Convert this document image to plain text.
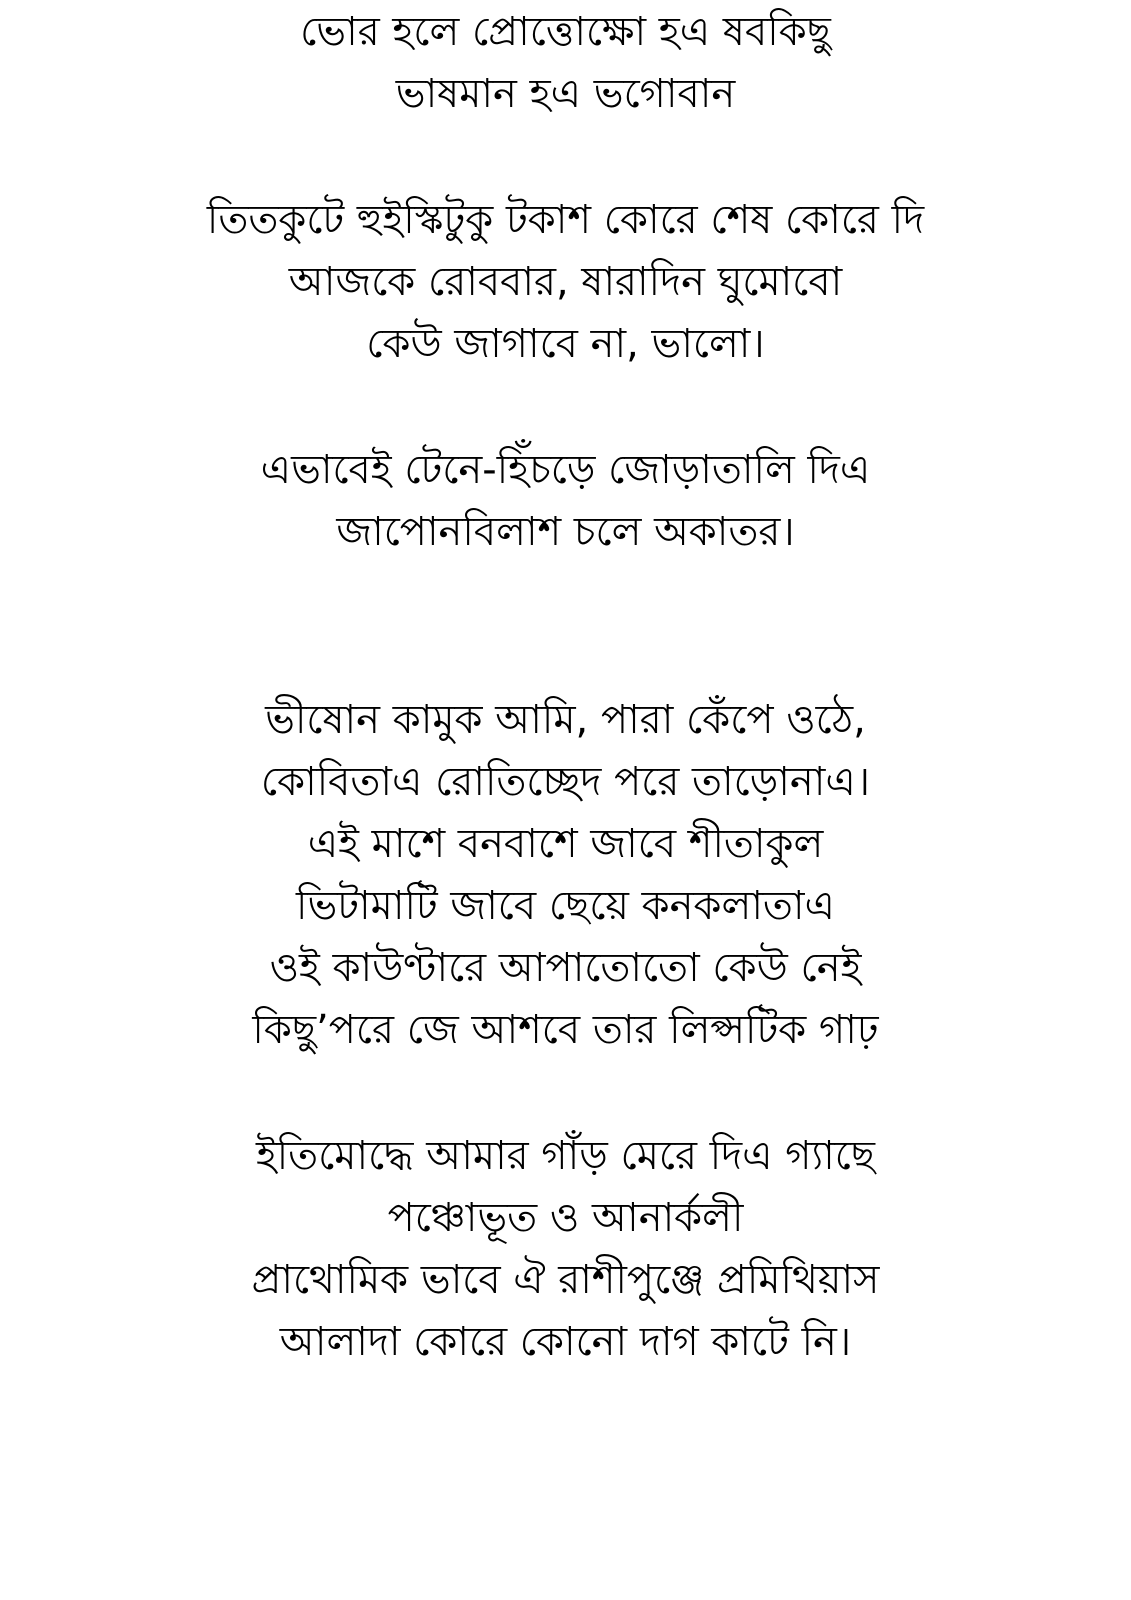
ভোর হলে প্রোত্তোক্ষো হএ ষবকিছু
ভাষমান হএ ভগোবান
তিতকুটে হুইস্কিটুকু টকাশ কোরে শেষ কোরে দি
আজকে রোববার, ষারাদিন ঘুমোবো
কেউ জাগাবে না, ভালো।
এভাবেই টেনে-হিঁচড়ে জোড়াতালি দিএ
জাপোনবিলাশ চলে অকাতর।
ভীষোন কামুক আমি, পারা কেঁপে ওঠে,
কোবিতাএ রোতিচ্ছেদ পরে তাড়োনাএ।
এই মাশে বনবাশে জাবে শীতাকুল
ভিটামাটি জাবে ছেয়ে কনকলাতাএ
ওই কাউণ্টারে আপাতোতো কেউ নেই
কিছু’পরে জে আশবে তার লিপ্সটিক গাঢ়
ইতিমোদ্ধে আমার গাঁড় মেরে দিএ গ্যাছে
পঞ্চোভূত ও আনার্কলী
প্রাথোমিক ভাবে ঐ রাশীপুঞ্জে প্রমিথিয়াস
আলাদা কোরে কোনো দাগ কাটে নি।
